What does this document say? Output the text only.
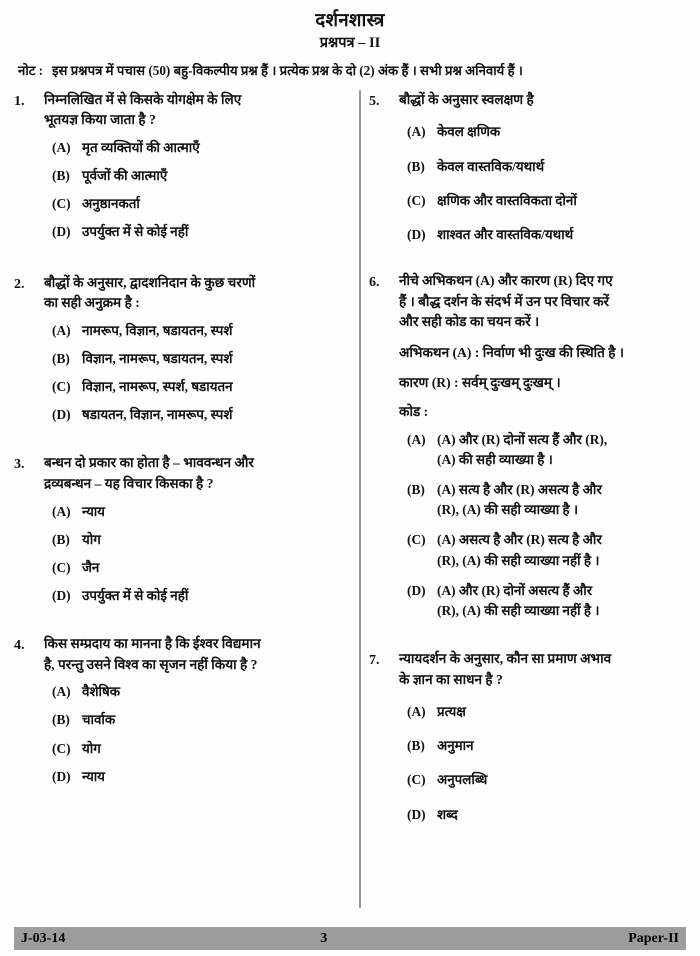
दर्शनशास्त्र
प्रश्नपत्र – II
नोट : इस प्रश्नपत्र में पचास (50) बहु-विकल्पीय प्रश्न हैं । प्रत्येक प्रश्न के दो (2) अंक हैं । सभी प्रश्न अनिवार्य हैं ।
1.	निम्नलिखित में से किसके योगक्षेम के लिए
भूतयज्ञ किया जाता है ?
(A) मृत व्यक्तियों की आत्माएँ
(B) पूर्वजों की आत्माएँ
(C) अनुष्ठानकर्ता
(D) उपर्युक्त में से कोई नहीं
2.	बौद्धों के अनुसार, द्वादशनिदान के कुछ चरणों
का सही अनुक्रम है :
(A) नामरूप, विज्ञान, षडायतन, स्पर्श
(B) विज्ञान, नामरूप, षडायतन, स्पर्श
(C) विज्ञान, नामरूप, स्पर्श, षडायतन
(D) षडायतन, विज्ञान, नामरूप, स्पर्श
3.	बन्धन दो प्रकार का होता है – भाववन्धन और
द्रव्यबन्धन – यह विचार किसका है ?
(A) न्याय
(B) योग
(C) जैन
(D) उपर्युक्त में से कोई नहीं
4.	किस सम्प्रदाय का मानना है कि ईश्वर विद्यमान
है, परन्तु उसने विश्व का सृजन नहीं किया है ?
(A) वैशेषिक
(B) चार्वाक
(C) योग
(D) न्याय
5.	बौद्धों के अनुसार स्वलक्षण है
(A) केवल क्षणिक
(B) केवल वास्तविक/यथार्थ
(C) क्षणिक और वास्तविकता दोनों
(D) शाश्वत और वास्तविक/यथार्थ
6.	नीचे अभिकथन (A) और कारण (R) दिए गए
हैं । बौद्ध दर्शन के संदर्भ में उन पर विचार करें
और सही कोड का चयन करें ।
अभिकथन (A) : निर्वाण भी दुःख की स्थिति है ।
कारण (R) : सर्वम् दुःखम् दुःखम् ।
कोड :
(A) (A) और (R) दोनों सत्य हैं और (R),
(A) की सही व्याख्या है ।
(B) (A) सत्य है और (R) असत्य है और
(R), (A) की सही व्याख्या है ।
(C) (A) असत्य है और (R) सत्य है और
(R), (A) की सही व्याख्या नहीं है ।
(D) (A) और (R) दोनों असत्य हैं और
(R), (A) की सही व्याख्या नहीं है ।
7.	न्यायदर्शन के अनुसार, कौन सा प्रमाण अभाव
के ज्ञान का साधन है ?
(A) प्रत्यक्ष
(B) अनुमान
(C) अनुपलब्धि
(D) शब्द
J-03-14	3	Paper-II
